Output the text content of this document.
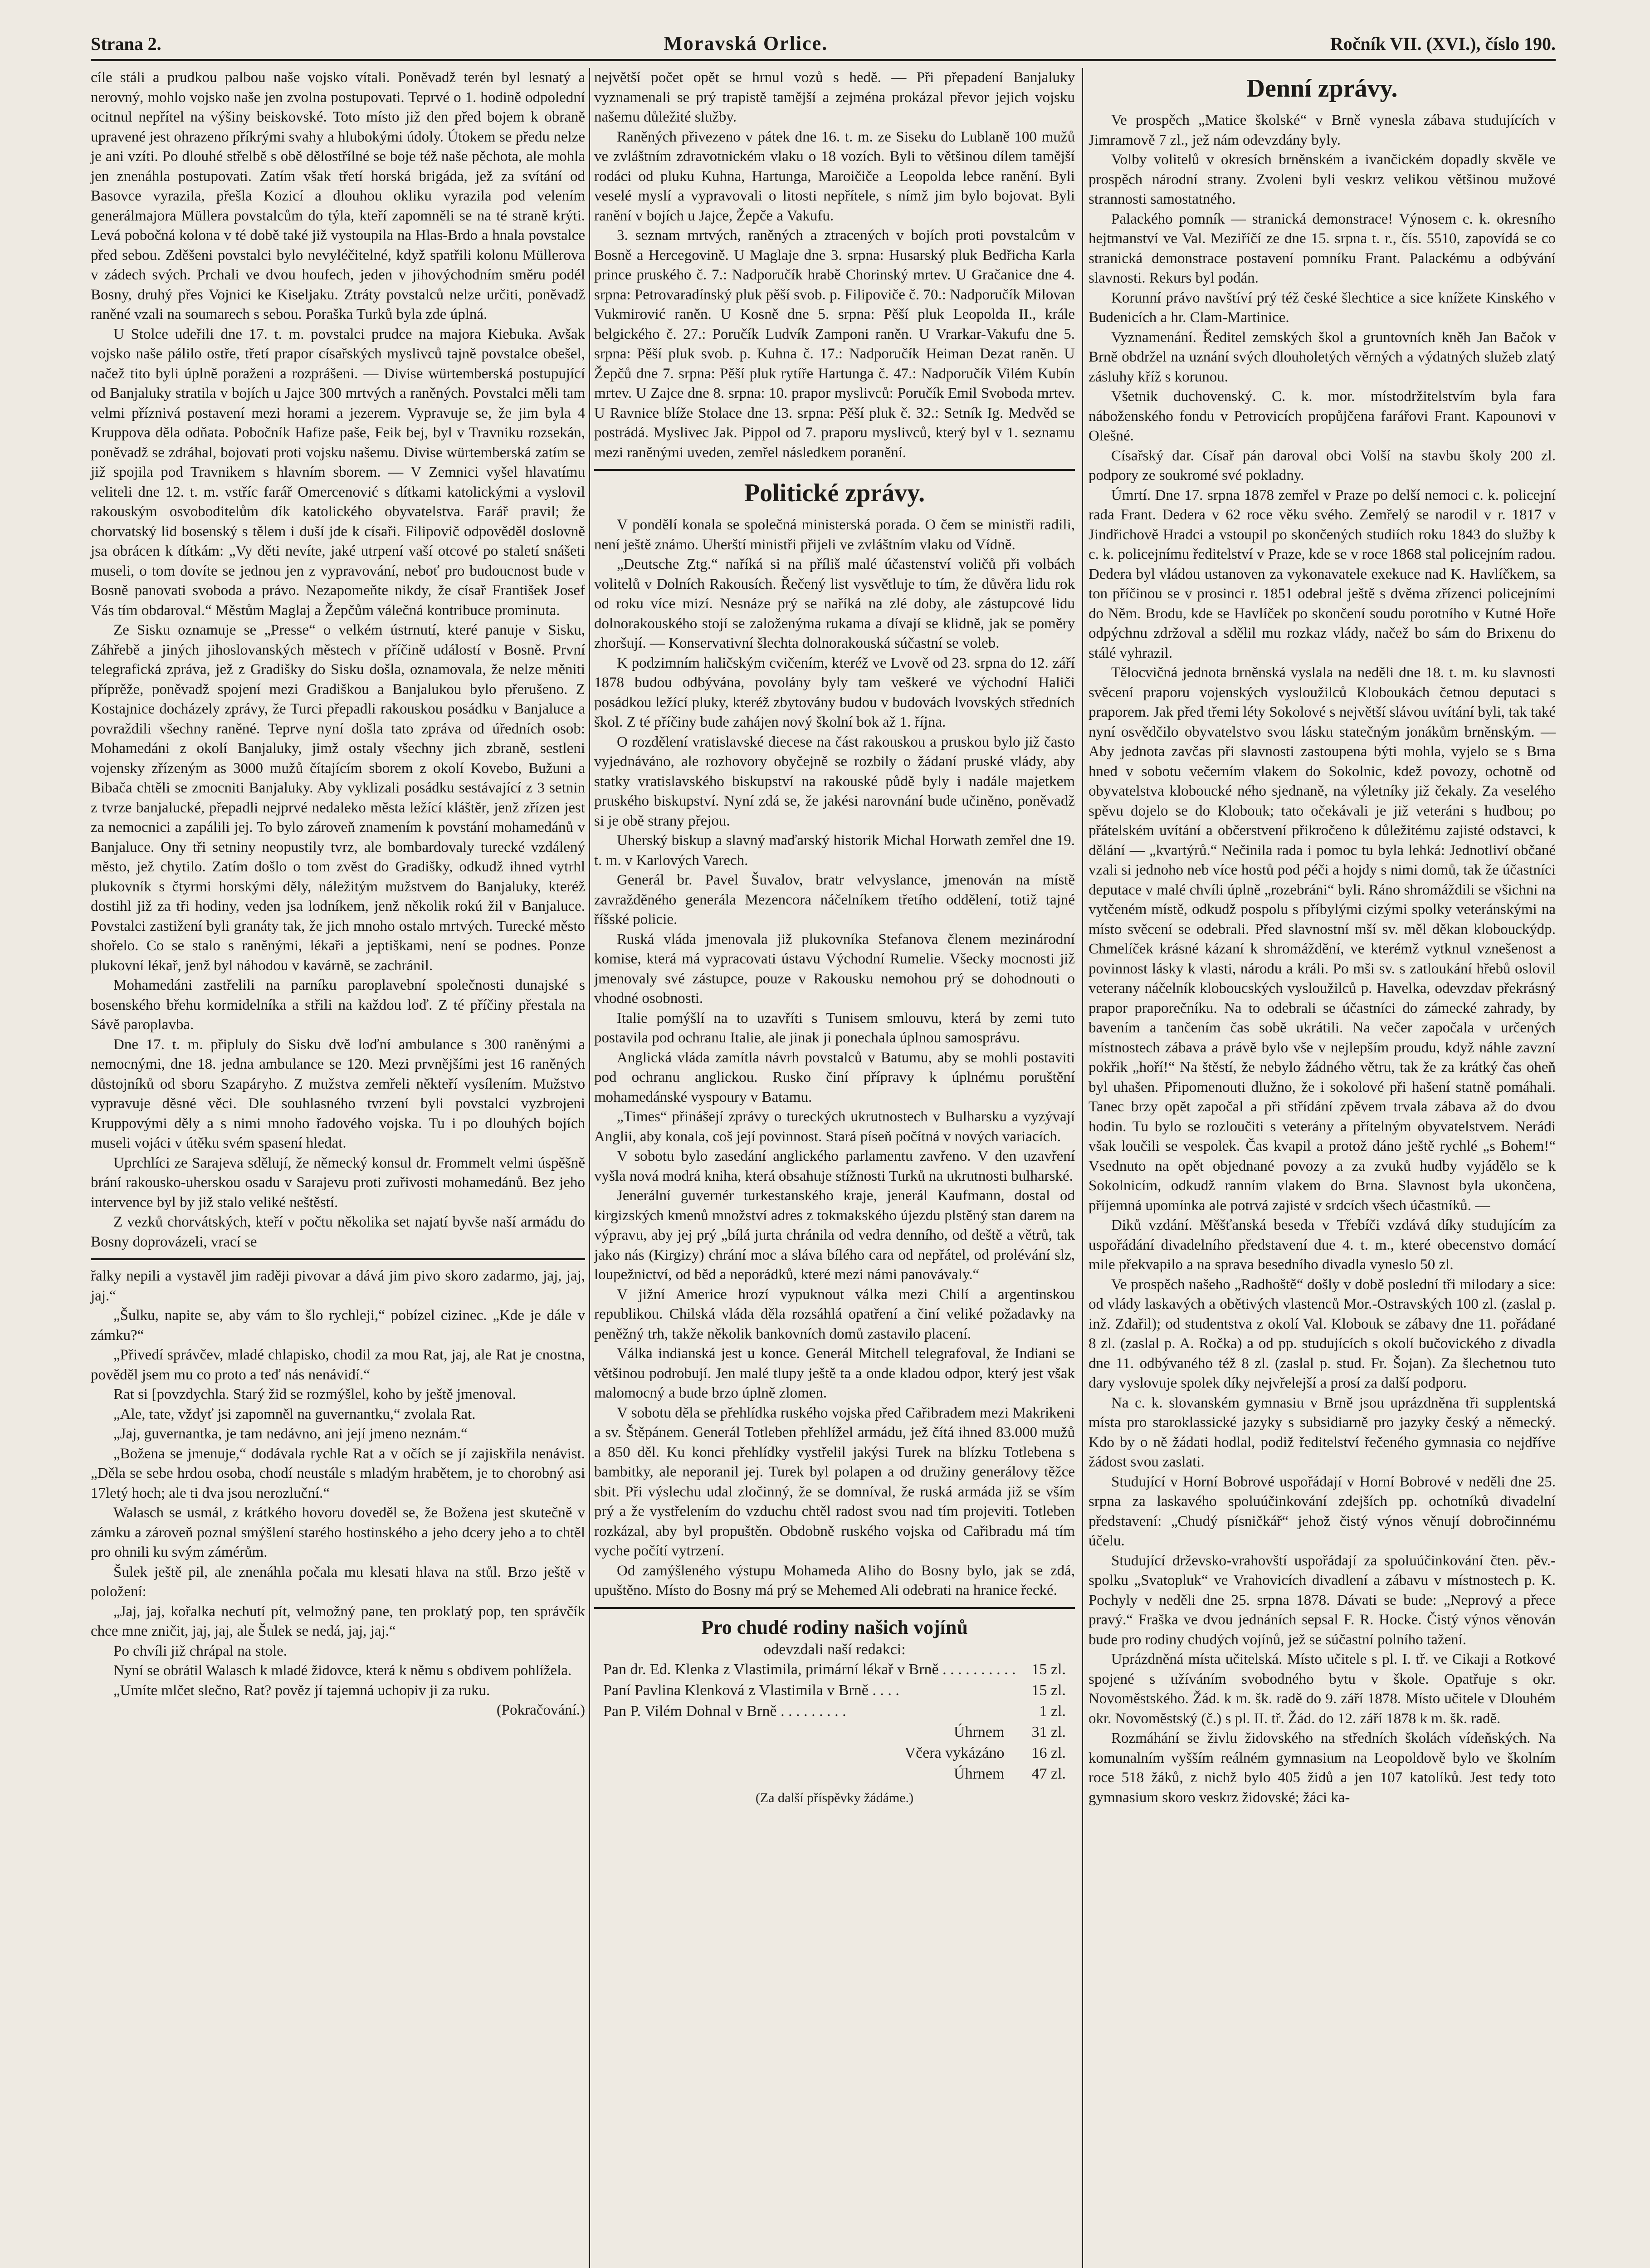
Strana 2.	Moravská Orlice.	Ročník VII. (XVI.), číslo 190.

cíle stáli a prudkou palbou naše vojsko vítali. Poněvadž terén byl lesnatý a nerovný, mohlo vojsko naše jen zvolna postupovati. Teprvé o 1. hodině odpolední ocitnul nepřítel na výšiny beiskovské. Toto místo již den před bojem k obraně upravené jest ohrazeno příkrými svahy a hlubokými údoly. Útokem se předu nelze je ani vzíti. Po dlouhé střelbě s obě dělostřílné se boje též naše pěchota, ale mohla jen znenáhla postupovati. Zatím však třetí horská brigáda, jež za svítání od Basovce vyrazila, přešla Kozicí a dlouhou okliku vyrazila pod velením generálmajora Müllera povstalcům do týla, kteří zapomněli se na té straně krýti. Levá pobočná kolona v té době také již vystoupila na Hlas-Brdo a hnala povstalce před sebou. Zděšeni povstalci bylo nevyléčitelné, když spatřili kolonu Müllerova v zádech svých. Prchali ve dvou houfech, jeden v jihovýchodním směru podél Bosny, druhý přes Vojnici ke Kiseljaku. Ztráty povstalců nelze určiti, poněvadž raněné vzali na soumarech s sebou. Poraška Turků byla zde úplná.

U Stolce udeřili dne 17. t. m. povstalci prudce na majora Kiebuka. Avšak vojsko naše pálilo ostře, třetí prapor císařských myslivců tajně povstalce obešel, načež tito byli úplně poraženi a rozprášeni. — Divise würtemberská postupující od Banjaluky stratila v bojích u Jajce 300 mrtvých a raněných. Povstalci měli tam velmi příznivá postavení mezi horami a jezerem. Vypravuje se, že jim byla 4 Kruppova děla odňata. Pobočník Hafize paše, Feik bej, byl v Travniku rozsekán, poněvadž se zdráhal, bojovati proti vojsku našemu. Divise würtemberská zatím se již spojila pod Travnikem s hlavním sborem. — V Zemnici vyšel hlavatímu veliteli dne 12. t. m. vstříc farář Omercenović s dítkami katolickými a vyslovil rakouským osvoboditelům dík katolického obyvatelstva. Farář pravil; že chorvatský lid bosenský s tělem i duší jde k císaři. Filipovič odpověděl doslovně jsa obrácen k dítkám: „Vy děti nevíte, jaké utrpení vaší otcové po staletí snášeti museli, o tom dovíte se jednou jen z vypravování, neboť pro budoucnost bude v Bosně panovati svoboda a právo. Nezapomeňte nikdy, že císař František Josef Vás tím obdaroval.“ Městům Maglaj a Žepčům válečná kontribuce prominuta.

Ze Sisku oznamuje se „Presse“ o velkém ústrnutí, které panuje v Sisku, Záhřebě a jiných jihoslovanských městech v příčině událostí v Bosně. První telegrafická zpráva, jež z Gradišky do Sisku došla, oznamovala, že nelze měniti příprěže, poněvadž spojení mezi Gradiškou a Banjalukou bylo přerušeno. Z Kostajnice docházely zprávy, že Turci přepadli rakouskou posádku v Banjaluce a povraždili všechny raněné. Teprve nyní došla tato zpráva od úředních osob: Mohamedáni z okolí Banjaluky, jimž ostaly všechny jich zbraně, sestleni vojensky zřízeným as 3000 mužů čítajícím sborem z okolí Kovebo, Bužuni a Bibača chtěli se zmocniti Banjaluky. Aby vyklizali posádku sestávající z 3 setnin z tvrze banjalucké, přepadli nejprvé nedaleko města ležící kláštěr, jenž zřízen jest za nemocnici a zapálili jej. To bylo zároveň znamením k povstání mohamedánů v Banjaluce. Ony tři setniny neopustily tvrz, ale bombardovaly turecké vzdálený město, jež chytilo. Zatím došlo o tom zvěst do Gradišky, odkudž ihned vytrhl plukovník s čtyrmi horskými děly, náležitým mužstvem do Banjaluky, kteréž dostihl již za tři hodiny, veden jsa lodníkem, jenž několik rokú žil v Banjaluce. Povstalci zastižení byli granáty tak, že jich mnoho ostalo mrtvých. Turecké město shořelo. Co se stalo s raněnými, lékaři a jeptiškami, není se podnes. Ponze plukovní lékař, jenž byl náhodou v kavárně, se zachránil.

Mohamedáni zastřelili na parníku paroplavební společnosti dunajské s bosenského břehu kormidelníka a střili na každou loď. Z té příčiny přestala na Sávě paroplavba.

Dne 17. t. m. připluly do Sisku dvě loďní ambulance s 300 raněnými a nemocnými, dne 18. jedna ambulance se 120. Mezi prvnějšími jest 16 raněných důstojníků od sboru Szapáryho. Z mužstva zemřeli někteří vysílením. Mužstvo vypravuje děsné věci. Dle souhlasného tvrzení byli povstalci vyzbrojeni Kruppovými děly a s nimi mnoho řadového vojska. Tu i po dlouhých bojích museli vojáci v útěku svém spasení hledat.

Uprchlíci ze Sarajeva sdělují, že německý konsul dr. Frommelt velmi úspěšně brání rakousko-uherskou osadu v Sarajevu proti zuřivosti mohamedánů. Bez jeho intervence byl by již stalo veliké neštěstí.

Z vezků chorvátských, kteří v počtu několika set najatí byvše naší armádu do Bosny doprovázeli, vrací se

řalky nepili a vystavěl jim raději pivovar a dává jim pivo skoro zadarmo, jaj, jaj, jaj.“

„Šulku, napite se, aby vám to šlo rychleji,“ pobízel cizinec. „Kde je dále v zámku?“

„Přivedí správčev, mladé chlapisko, chodil za mou Rat, jaj, ale Rat je cnostna, pověděl jsem mu co proto a teď nás nenávidí.“

Rat si [povzdychla. Starý žid se rozmýšlel, koho by ještě jmenoval.

„Ale, tate, vždyť jsi zapomněl na guvernantku,“ zvolala Rat.

„Jaj, guvernantka, je tam nedávno, ani její jmeno neznám.“

„Božena se jmenuje,“ dodávala rychle Rat a v očích se jí zajiskřila nenávist. „Děla se sebe hrdou osoba, chodí neustále s mladým hrabětem, je to chorobný asi 17letý hoch; ale ti dva jsou nerozluční.“

Walasch se usmál, z krátkého hovoru doveděl se, že Božena jest skutečně v zámku a zároveň poznal smýšlení starého hostinského a jeho dcery jeho a to chtěl pro ohnili ku svým zámérům.

Šulek ještě pil, ale znenáhla počala mu klesati hlava na stůl. Brzo ještě v položení:

„Jaj, jaj, kořalka nechutí pít, velmožný pane, ten proklatý pop, ten správčík chce mne zničit, jaj, jaj, ale Šulek se nedá, jaj, jaj.“

Po chvíli již chrápal na stole.

Nyní se obrátil Walasch k mladé židovce, která k němu s obdivem pohlížela.

„Umíte mlčet slečno, Rat? pověz jí tajemná uchopiv ji za ruku.

(Pokračování.)

největší počet opět se hrnul vozů s hedě. — Při přepadení Banjaluky vyznamenali se prý trapistě tamější a zejména prokázal převor jejich vojsku našemu důležité služby.

Raněných přivezeno v pátek dne 16. t. m. ze Siseku do Lublaně 100 mužů ve zvláštním zdravotnickém vlaku o 18 vozích. Byli to většinou dílem tamější rodáci od pluku Kuhna, Hartunga, Maroičiče a Leopolda lebce ranění. Byli veselé myslí a vypravovali o litosti nepřítele, s nímž jim bylo bojovat. Byli ranění v bojích u Jajce, Žepče a Vakufu.

3. seznam mrtvých, raněných a ztracených v bojích proti povstalcům v Bosně a Hercegovině. U Maglaje dne 3. srpna: Husarský pluk Bedřicha Karla prince pruského č. 7.: Nadporučík hrabě Chorinský mrtev. U Gračanice dne 4. srpna: Petrovaradínský pluk pěší svob. p. Filipoviče č. 70.: Nadporučík Milovan Vukmirović raněn. U Kosně dne 5. srpna: Pěší pluk Leopolda II., krále belgického č. 27.: Poručík Ludvík Zamponi raněn. U Vrarkar-Vakufu dne 5. srpna: Pěší pluk svob. p. Kuhna č. 17.: Nadporučík Heiman Dezat raněn. U Žepčů dne 7. srpna: Pěší pluk rytíře Hartunga č. 47.: Nadporučík Vilém Kubín mrtev. U Zajce dne 8. srpna: 10. prapor myslivců: Poručík Emil Svoboda mrtev. U Ravnice blíže Stolace dne 13. srpna: Pěší pluk č. 32.: Setník Ig. Medvěd se postrádá. Myslivec Jak. Pippol od 7. praporu myslivců, který byl v 1. seznamu mezi raněnými uveden, zemřel následkem poranění.

Politické zprávy.

V pondělí konala se společná ministerská porada. O čem se ministři radili, není ještě známo. Uherští ministři přijeli ve zvláštním vlaku od Vídně.

„Deutsche Ztg.“ naříká si na příliš malé účastenství voličů při volbách volitelů v Dolních Rakousích. Řečený list vysvětluje to tím, že důvěra lidu rok od roku více mizí. Nesnáze prý se naříká na zlé doby, ale zástupcové lidu dolnorakouského stojí se založenýma rukama a dívají se klidně, jak se poměry zhoršují. — Konservativní šlechta dolnorakouská súčastní se voleb.

K podzimním haličským cvičením, kteréž ve Lvově od 23. srpna do 12. září 1878 budou odbývána, povolány byly tam veškeré ve východní Haliči posádkou ležící pluky, kteréž zbytovány budou v budovách lvovských středních škol. Z té příčiny bude zahájen nový školní bok až 1. října.

O rozdělení vratislavské diecese na část rakouskou a pruskou bylo již často vyjednáváno, ale rozhovory obyčejně se rozbily o žádaní pruské vlády, aby statky vratislavského biskupství na rakouské půdě byly i nadále majetkem pruského biskupství. Nyní zdá se, že jakési narovnání bude učiněno, poněvadž si je obě strany přejou.

Uherský biskup a slavný maďarský historik Michal Horwath zemřel dne 19. t. m. v Karlových Varech.

Generál br. Pavel Šuvalov, bratr velvyslance, jmenován na místě zavražděného generála Mezencora náčelníkem třetího oddělení, totiž tajné říšské policie.

Ruská vláda jmenovala již plukovníka Stefanova členem mezinárodní komise, která má vypracovati ústavu Východní Rumelie. Všecky mocnosti již jmenovaly své zástupce, pouze v Rakousku nemohou prý se dohodnouti o vhodné osobnosti.

Italie pomýšlí na to uzavříti s Tunisem smlouvu, která by zemi tuto postavila pod ochranu Italie, ale jinak ji ponechala úplnou samosprávu.

Anglická vláda zamítla návrh povstalců v Batumu, aby se mohli postaviti pod ochranu anglickou. Rusko činí přípravy k úplnému poruštění mohamedánské vyspoury v Batamu.

„Times“ přinášejí zprávy o tureckých ukrutnostech v Bulharsku a vyzývají Anglii, aby konala, coš její povinnost. Stará píseň počítná v nových variacích.

V sobotu bylo zasedání anglického parlamentu zavřeno. V den uzavření vyšla nová modrá kniha, která obsahuje stížnosti Turků na ukrutnosti bulharské.

Jenerální guvernér turkestanského kraje, jenerál Kaufmann, dostal od kirgizských kmenů množství adres z tokmakského újezdu plstěný stan darem na výpravu, aby jej prý „bílá jurta chránila od vedra denního, od deště a větrů, tak jako nás (Kirgizy) chrání moc a sláva bílého cara od nepřátel, od prolévání slz, loupežnictví, od běd a neporádků, které mezi námi panovávaly.“

V jižní Americe hrozí vypuknout válka mezi Chilí a argentinskou republikou. Chilská vláda děla rozsáhlá opatření a činí veliké požadavky na peněžný trh, takže několik bankovních domů zastavilo placení.

Válka indianská jest u konce. Generál Mitchell telegrafoval, že Indiani se většinou podrobují. Jen malé tlupy ještě ta a onde kladou odpor, který jest však malomocný a bude brzo úplně zlomen.

V sobotu děla se přehlídka ruského vojska před Cařibradem mezi Makrikeni a sv. Štěpánem. Generál Totleben přehlížel armádu, jež čítá ihned 83.000 mužů a 850 děl. Ku konci přehlídky vystřelil jakýsi Turek na blízku Totlebena s bambitky, ale neporanil jej. Turek byl polapen a od družiny generálovy těžce sbit. Při výslechu udal zločinný, že se domníval, že ruská armáda již se vším prý a že vystřelením do vzduchu chtěl radost svou nad tím projeviti. Totleben rozkázal, aby byl propuštěn. Obdobně ruského vojska od Cařibradu má tím vyche počítí vytrzení.

Od zamýšleného výstupu Mohameda Aliho do Bosny bylo, jak se zdá, upuštěno. Místo do Bosny má prý se Mehemed Ali odebrati na hranice řecké.

Pro chudé rodiny našich vojínů
odevzdali naší redakci:
Pan dr. Ed. Klenka z Vlastimila, primární lékař v Brně . . . . . . . . . . 15 zl.
Paní Pavlina Klenková z Vlastimila v Brně . . . .	15 zl.
Pan P. Vilém Dohnal v Brně . . . . . . . . .	1 zl.
Úhrnem 31 zl.
Včera vykázáno 16 zl.
Úhrnem 47 zl.
(Za další příspěvky žádáme.)
Denní zprávy.

Ve prospěch „Matice školské“ v Brně vynesla zábava studujících v Jimramově 7 zl., jež nám odevzdány byly.

Volby volitelů v okresích brněnském a ivančickém dopadly skvěle ve prospěch národní strany. Zvoleni byli veskrz velikou většinou mužové strannosti samostatného.

Palackého pomník — stranická demonstrace! Výnosem c. k. okresního hejtmanství ve Val. Meziříčí ze dne 15. srpna t. r., čís. 5510, zapovídá se co stranická demonstrace postavení pomníku Frant. Palackému a odbývání slavnosti. Rekurs byl podán.

Korunní právo navštíví prý též české šlechtice a sice knížete Kinského v Budenicích a hr. Clam-Martinice.

Vyznamenání. Ředitel zemských škol a gruntovních kněh Jan Bačok v Brně obdržel na uznání svých dlouholetých věrných a výdatných služeb zlatý zásluhy kříž s korunou.

Všetnik duchovenský. C. k. mor. místodržitelstvím byla fara náboženského fondu v Petrovicích propůjčena farářovi Frant. Kapounovi v Olešné.

Císařský dar. Císař pán daroval obci Volší na stavbu školy 200 zl. podpory ze soukromé své pokladny.

Úmrtí. Dne 17. srpna 1878 zemřel v Praze po delší nemoci c. k. policejní rada Frant. Dedera v 62 roce věku svého. Zemřelý se narodil v r. 1817 v Jindřichově Hradci a vstoupil po skončených studiích roku 1843 do služby k c. k. policejnímu ředitelství v Praze, kde se v roce 1868 stal policejním radou. Dedera byl vládou ustanoven za vykonavatele exekuce nad K. Havlíčkem, sa ton příčinou se v prosinci r. 1851 odebral ještě s dvěma zřízenci policejními do Něm. Brodu, kde se Havlíček po skončení soudu porotního v Kutné Hoře odpýchnu zdržoval a sdělil mu rozkaz vlády, načež bo sám do Brixenu do stálé vyhrazil.

Tělocvičná jednota brněnská vyslala na neděli dne 18. t. m. ku slavnosti svěcení praporu vojenských vysloužilců Kloboukách četnou deputaci s praporem. Jak před třemi léty Sokolové s největší slávou uvítání byli, tak také nyní osvědčilo obyvatelstvo svou lásku statečným jonákům brněnským. — Aby jednota zavčas při slavnosti zastoupena býti mohla, vyjelo se s Brna hned v sobotu večerním vlakem do Sokolnic, kdež povozy, ochotně od obyvatelstva kloboucké ného sjednaně, na výletníky již čekaly. Za veselého spěvu dojelo se do Klobouk; tato očekávali je již veteráni s hudbou; po přátelském uvítání a občerstvení přikročeno k důležitému zajisté odstavci, k dělání — „kvartýrů.“ Nečinila rada i pomoc tu byla lehká: Jednotliví občané vzali si jednoho neb více hostů pod péči a hojdy s nimi domů, tak že účastníci deputace v malé chvíli úplně „rozebráni“ byli. Ráno shromáždili se všichni na vytčeném místě, odkudž pospolu s příbylými cizými spolky veteránskými na místo svěcení se odebrali. Před slavnostní mší sv. měl děkan klobouckýdp. Chmelíček krásné kázaní k shromáždění, ve kterémž vytknul vznešenost a povinnost lásky k vlasti, národu a králi. Po mši sv. s zatloukání hřebů oslovil veterany náčelník kloboucských vysloužilců p. Havelka, odevzdav překrásný prapor praporečníku. Na to odebrali se účastníci do zámecké zahrady, by bavením a tančením čas sobě ukrátili. Na večer započala v určených místnostech zábava a právě bylo vše v nejlepším proudu, když náhle zavzní pokřik „hoří!“ Na štěstí, že nebylo žádného větru, tak že za krátký čas oheň byl uhašen. Připomenouti dlužno, že i sokolové při hašení statně pomáhali. Tanec brzy opět započal a při střídání zpěvem trvala zábava až do dvou hodin. Tu bylo se rozloučiti s veterány a přítelným obyvatelstvem. Nerádi však loučili se vespolek. Čas kvapil a protož dáno ještě rychlé „s Bohem!“ Vsednuto na opět objednané povozy a za zvuků hudby vyjádělo se k Sokolnicím, odkudž ranním vlakem do Brna. Slavnost byla ukončena, příjemná upomínka ale potrvá zajisté v srdcích všech účastníků. —

Diků vzdání. Měšťanská beseda v Třebíči vzdává díky studujícím za uspořádání divadelního představení due 4. t. m., které obecenstvo domácí mile překvapilo a na sprava besedního divadla vyneslo 50 zl.

Ve prospěch našeho „Radhoště“ došly v době poslední tři milodary a sice: od vlády laskavých a obětivých vlastenců Mor.-Ostravských 100 zl. (zaslal p. inž. Zdařil); od studentstva z okolí Val. Klobouk se zábavy dne 11. pořádané 8 zl. (zaslal p. A. Ročka) a od pp. studujících s okolí bučovického z divadla dne 11. odbývaného též 8 zl. (zaslal p. stud. Fr. Šojan). Za šlechetnou tuto dary vyslovuje spolek díky nejvřelejší a prosí za další podporu.

Na c. k. slovanském gymnasiu v Brně jsou uprázdněna tři supplentská místa pro staroklassické jazyky s subsidiarně pro jazyky český a německý. Kdo by o ně žádati hodlal, podiž ředitelství řečeného gymnasia co nejdříve žádost svou zaslati.

Studující v Horní Bobrové uspořádají v Horní Bobrové v neděli dne 25. srpna za laskavého spoluúčinkování zdejších pp. ochotníků divadelní představení: „Chudý písničkář“ jehož čistý výnos věnují dobročinnému účelu.

Studující drževsko-vrahovští uspořádají za spoluúčinkování čten. pěv.-spolku „Svatopluk“ ve Vrahovicích divadlení a zábavu v místnostech p. K. Pochyly v neděli dne 25. srpna 1878. Dávati se bude: „Neprový a přece pravý.“ Fraška ve dvou jednáních sepsal F. R. Hocke. Čistý výnos věnován bude pro rodiny chudých vojínů, jež se súčastní polního tažení.

Uprázdněná místa učitelská. Místo učitele s pl. I. tř. ve Cikaji a Rotkové spojené s užíváním svobodného bytu v škole. Opatřuje s okr. Novoměstského. Žád. k m. šk. radě do 9. září 1878. Místo učitele v Dlouhém okr. Novoměstský (č.) s pl. II. tř. Žád. do 12. září 1878 k m. šk. radě.

Rozmáhání se živlu židovského na středních školách vídeňských. Na komunalním vyšším reálném gymnasium na Leopoldově bylo ve školním roce 518 žáků, z nichž bylo 405 židů a jen 107 katolíků. Jest tedy toto gymnasium skoro veskrz židovské; žáci ka-
